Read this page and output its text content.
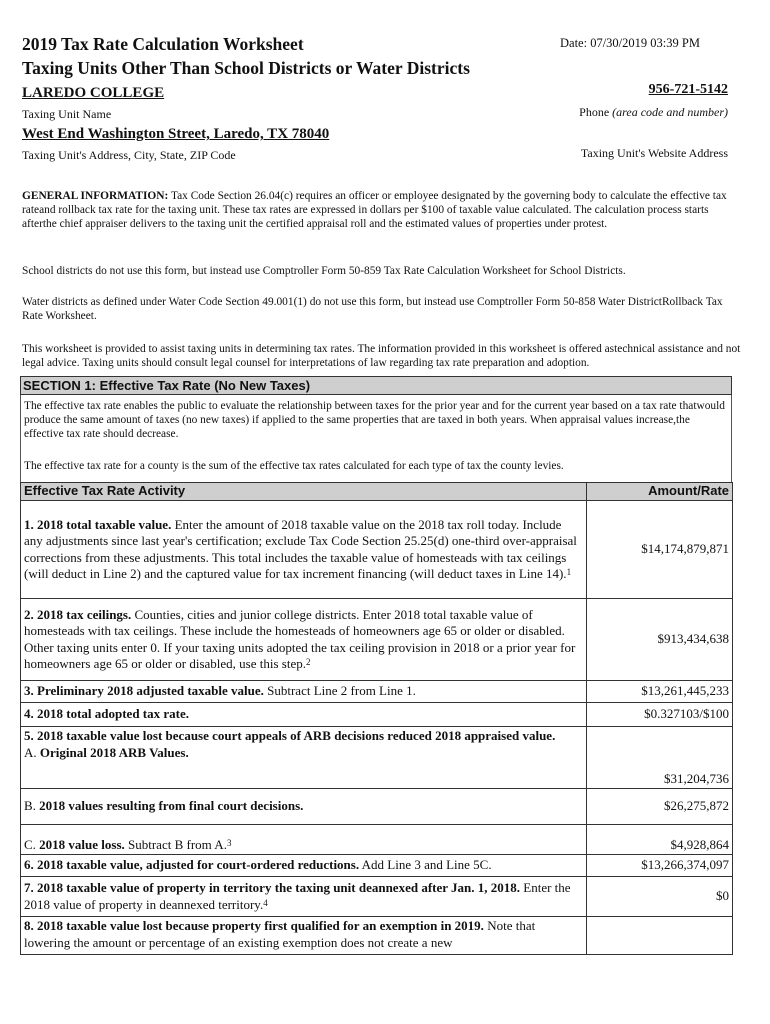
2019 Tax Rate Calculation Worksheet
Taxing Units Other Than School Districts or Water Districts
Date: 07/30/2019 03:39 PM
LAREDO COLLEGE
Taxing Unit Name
956-721-5142
Phone (area code and number)
West End Washington Street, Laredo, TX 78040
Taxing Unit's Address, City, State, ZIP Code	Taxing Unit's Website Address
GENERAL INFORMATION: Tax Code Section 26.04(c) requires an officer or employee designated by the governing body to calculate the effective tax rateand rollback tax rate for the taxing unit. These tax rates are expressed in dollars per $100 of taxable value calculated. The calculation process starts afterthe chief appraiser delivers to the taxing unit the certified appraisal roll and the estimated values of properties under protest.
School districts do not use this form, but instead use Comptroller Form 50-859 Tax Rate Calculation Worksheet for School Districts.
Water districts as defined under Water Code Section 49.001(1) do not use this form, but instead use Comptroller Form 50-858 Water DistrictRollback Tax Rate Worksheet.
This worksheet is provided to assist taxing units in determining tax rates. The information provided in this worksheet is offered astechnical assistance and not legal advice. Taxing units should consult legal counsel for interpretations of law regarding tax rate preparation and adoption.
SECTION 1: Effective Tax Rate (No New Taxes)
The effective tax rate enables the public to evaluate the relationship between taxes for the prior year and for the current year based on a tax rate thatwould produce the same amount of taxes (no new taxes) if applied to the same properties that are taxed in both years. When appraisal values increase,the effective tax rate should decrease.
The effective tax rate for a county is the sum of the effective tax rates calculated for each type of tax the county levies.
Effective Tax Rate Activity	Amount/Rate
1. 2018 total taxable value. Enter the amount of 2018 taxable value on the 2018 tax roll today. Include any adjustments since last year's certification; exclude Tax Code Section 25.25(d) one-third over-appraisal corrections from these adjustments. This total includes the taxable value of homesteads with tax ceilings (will deduct in Line 2) and the captured value for tax increment financing (will deduct taxes in Line 14).$^1$	$14,174,879,871
2. 2018 tax ceilings. Counties, cities and junior college districts. Enter 2018 total taxable value of homesteads with tax ceilings. These include the homesteads of homeowners age 65 or older or disabled. Other taxing units enter 0. If your taxing units adopted the tax ceiling provision in 2018 or a prior year for homeowners age 65 or older or disabled, use this step.$^2$	$913,434,638
3. Preliminary 2018 adjusted taxable value. Subtract Line 2 from Line 1.	$13,261,445,233
4. 2018 total adopted tax rate.	$0.327103/$100

5. 2018 taxable value lost because court appeals of ARB decisions reduced 2018 appraised value.
A. Original 2018 ARB Values.	$31,204,736
B. 2018 values resulting from final court decisions.	$26,275,872
C. 2018 value loss. Subtract B from A.$^3$	$4,928,864
6. 2018 taxable value, adjusted for court-ordered reductions. Add Line 3 and Line 5C.	$13,266,374,097
7. 2018 taxable value of property in territory the taxing unit deannexed after Jan. 1, 2018. Enter the 2018 value of property in deannexed territory.$^4$	$0
8. 2018 taxable value lost because property first qualified for an exemption in 2019. Note that lowering the amount or percentage of an existing exemption does not create a new	
